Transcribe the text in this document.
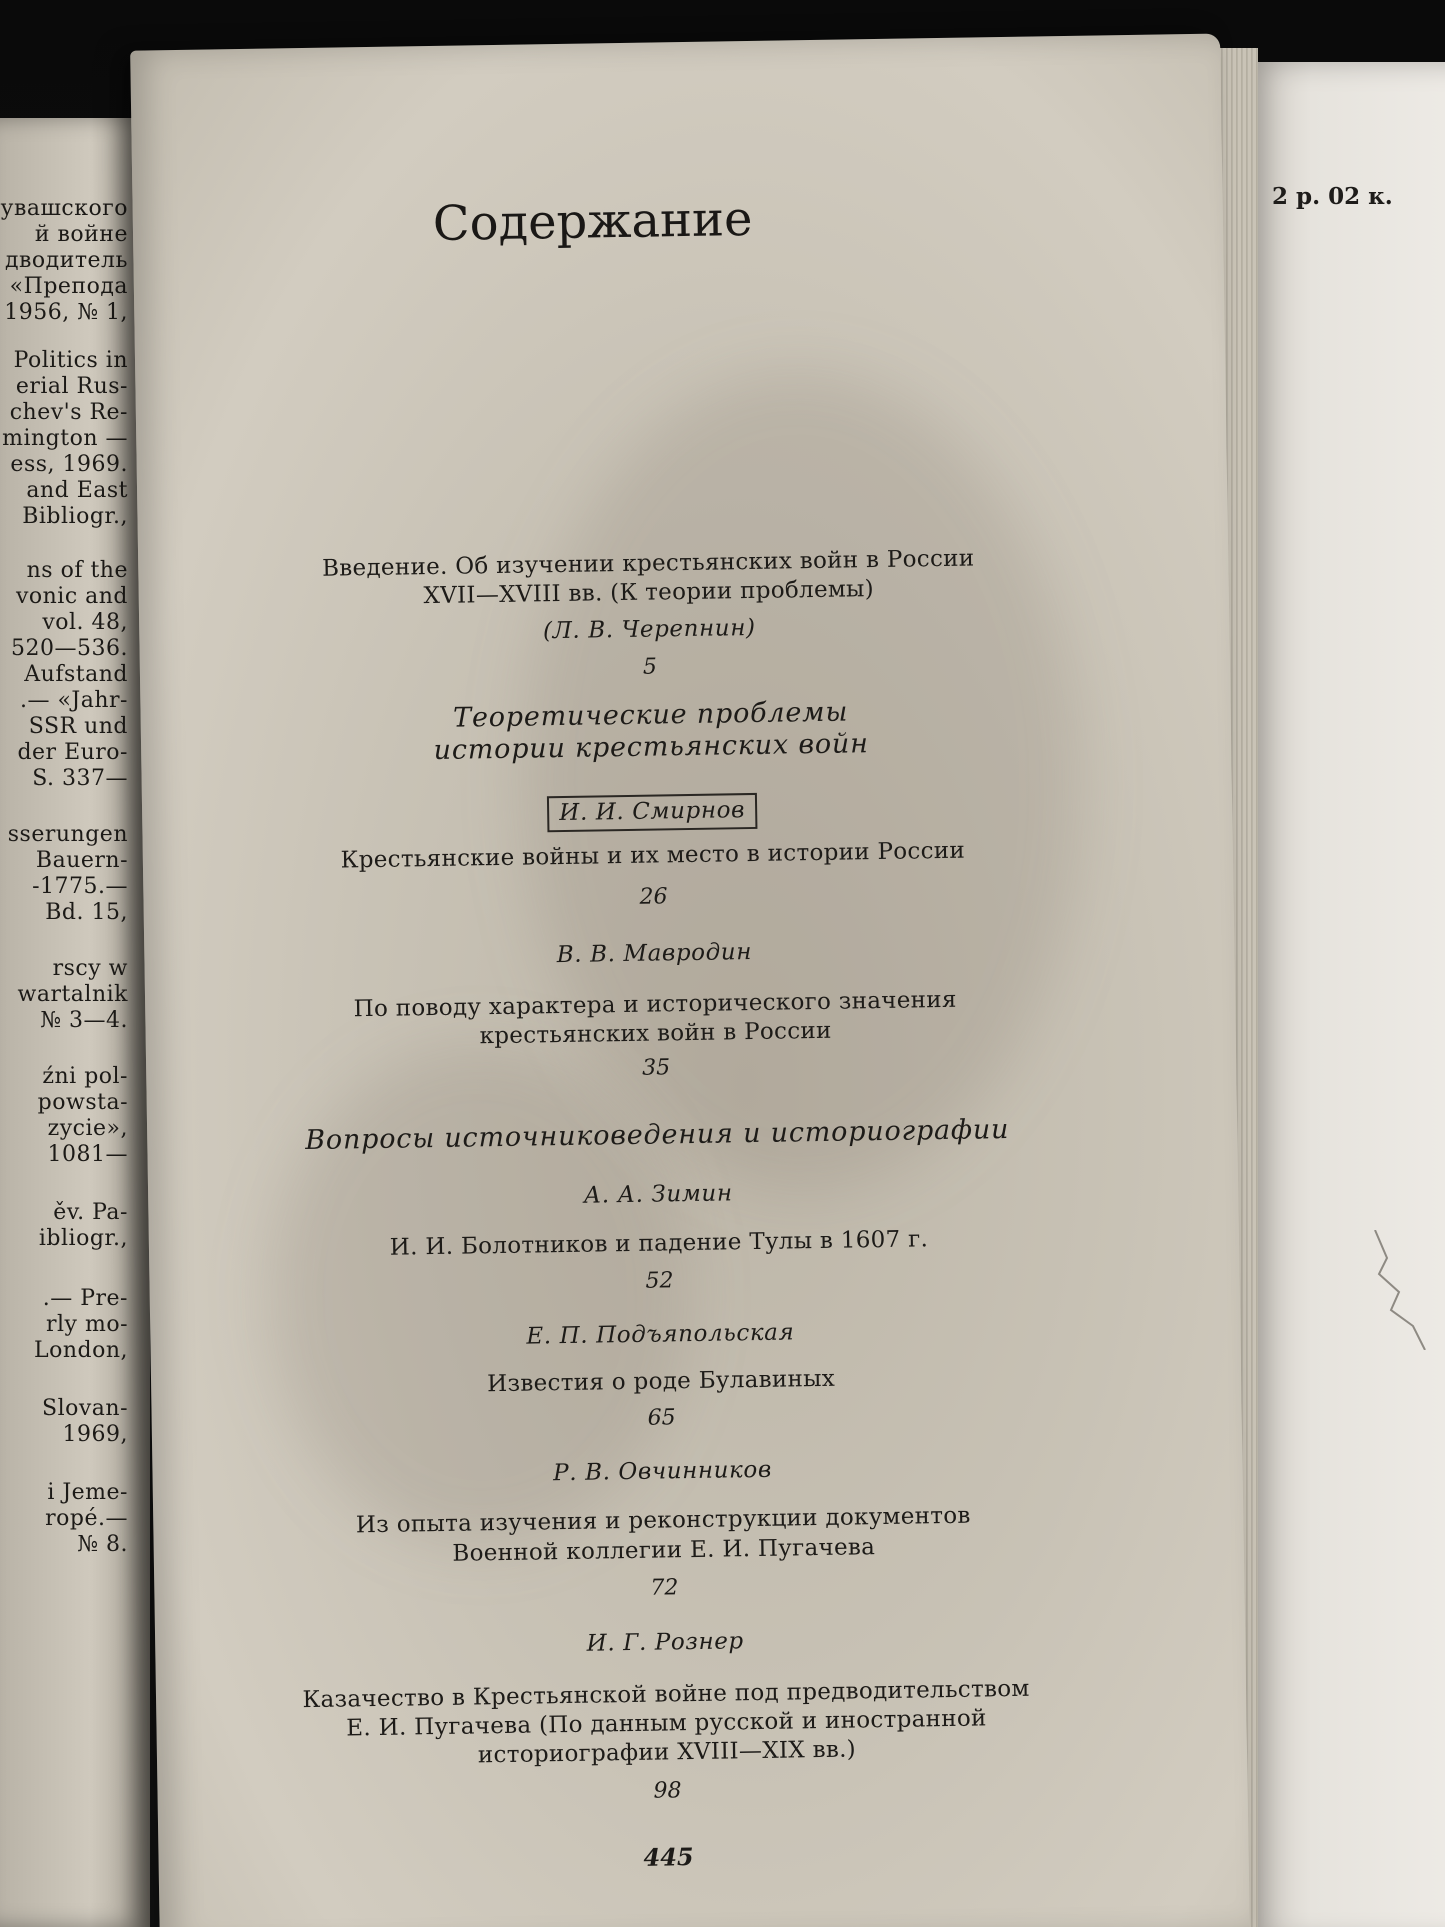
увашского
й войне
дводитель
«Препода
1956, № 1,
Politics in
erial Rus-
chev's Re-
mington —
ess, 1969.
and East
Bibliogr.,
ns of the
vonic and
vol. 48,
520—536.
Aufstand
.— «Jahr-
SSR und
der Euro-
S. 337—
sserungen
Bauern-
-1775.—
Bd. 15,
rscy w
wartalnik
№ 3—4.
źni pol-
powsta-
zycie»,
1081—
ěv. Pa-
ibliogr.,
.— Pre-
rly mo-
London,
Slovan-
1969,
i Jeme-
ropé.—
№ 8.
2 р. 02 к.
Содержание
Введение. Об изучении крестьянских войн в России
XVII—XVIII вв. (К теории проблемы)
(Л. В. Черепнин)
5
Теоретические проблемы
истории крестьянских войн
И. И. Смирнов
Крестьянские войны и их место в истории России
26
В. В. Мавродин
По поводу характера и исторического значения
крестьянских войн в России
35
Вопросы источниковедения и историографии
А. А. Зимин
И. И. Болотников и падение Тулы в 1607 г.
52
Е. П. Подъяпольская
Известия о роде Булавиных
65
Р. В. Овчинников
Из опыта изучения и реконструкции документов
Военной коллегии Е. И. Пугачева
72
И. Г. Рознер
Казачество в Крестьянской войне под предводительством
Е. И. Пугачева (По данным русской и иностранной
историографии XVIII—XIX вв.)
98
445
